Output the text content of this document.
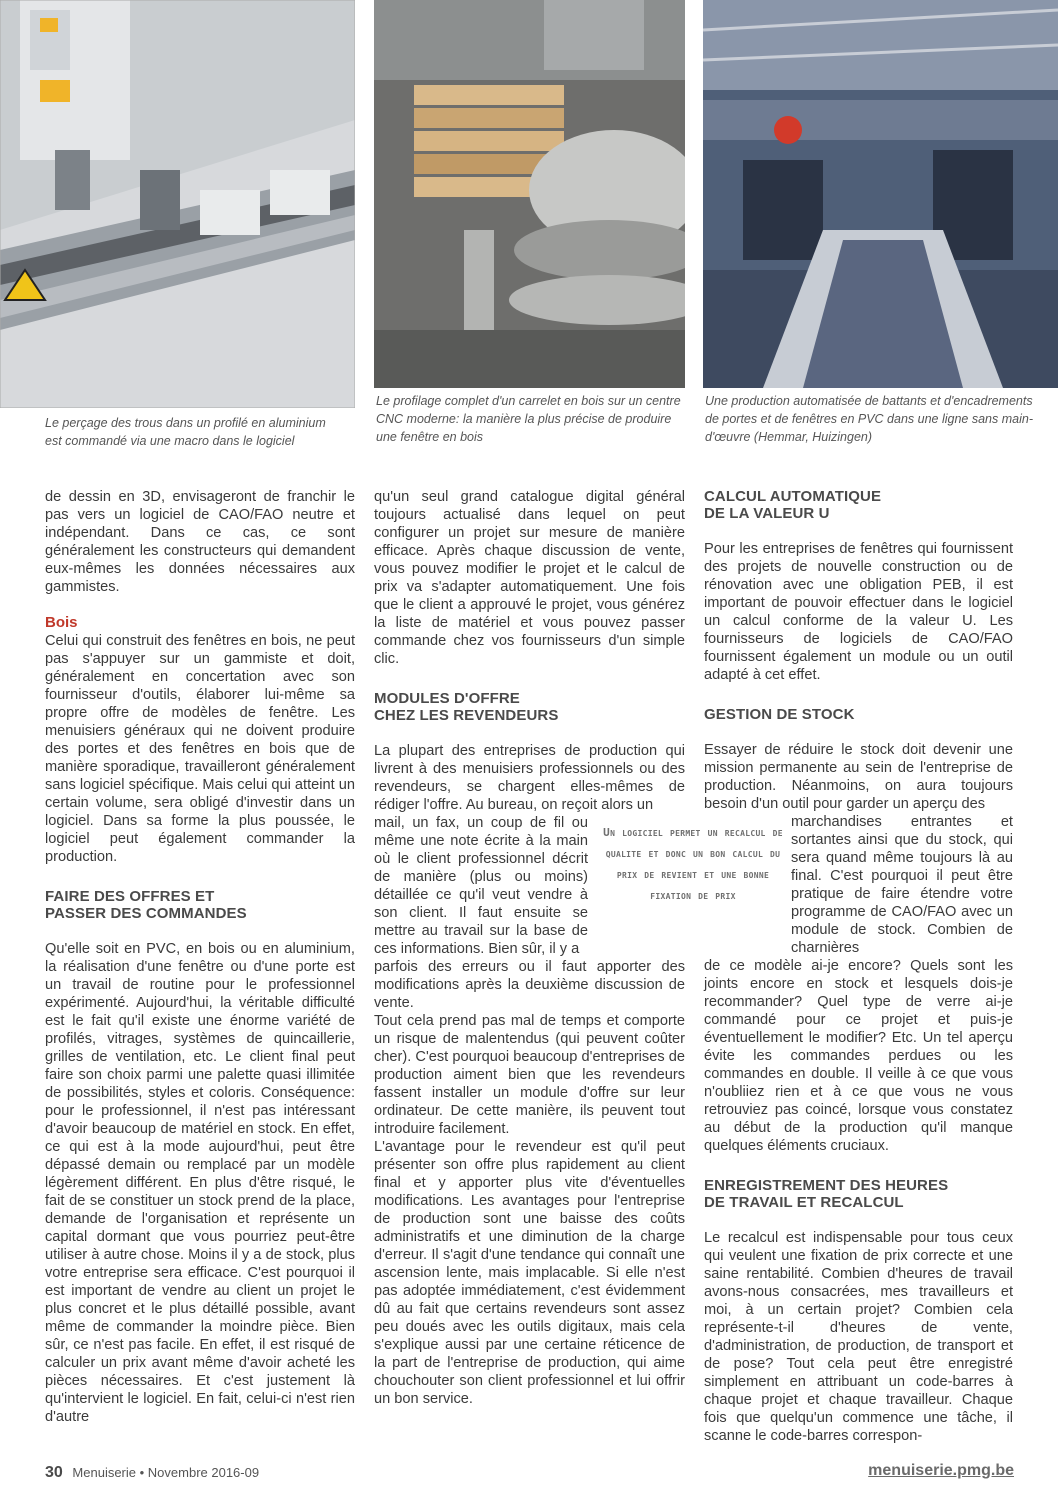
Le perçage des trous dans un profilé en aluminium est commandé via une macro dans le logiciel
Le profilage complet d'un carrelet en bois sur un centre CNC moderne: la manière la plus précise de produire une fenêtre en bois
Une production automatisée de battants et d'encadrements de portes et de fenêtres en PVC dans une ligne sans main-d'œuvre (Hemmar, Huizingen)

de dessin en 3D, envisageront de franchir le pas vers un logiciel de CAO/FAO neutre et indépendant. Dans ce cas, ce sont généralement les constructeurs qui demandent eux-mêmes les données nécessaires aux gammistes.

Bois

Celui qui construit des fenêtres en bois, ne peut pas s'appuyer sur un gammiste et doit, généralement en concertation avec son fournisseur d'outils, élaborer lui-même sa propre offre de modèles de fenêtre. Les menuisiers généraux qui ne doivent produire des portes et des fenêtres en bois que de manière sporadique, travailleront généralement sans logiciel spécifique. Mais celui qui atteint un certain volume, sera obligé d'investir dans un logiciel. Dans sa forme la plus poussée, le logiciel peut également commander la production.

FAIRE DES OFFRES ET
PASSER DES COMMANDES

Qu'elle soit en PVC, en bois ou en aluminium, la réalisation d'une fenêtre ou d'une porte est un travail de routine pour le professionnel expérimenté. Aujourd'hui, la véritable difficulté est le fait qu'il existe une énorme variété de profilés, vitrages, systèmes de quincaillerie, grilles de ventilation, etc. Le client final peut faire son choix parmi une palette quasi illimitée de possibilités, styles et coloris. Conséquence: pour le professionnel, il n'est pas intéressant d'avoir beaucoup de matériel en stock. En effet, ce qui est à la mode aujourd'hui, peut être dépassé demain ou remplacé par un modèle légèrement différent. En plus d'être risqué, le fait de se constituer un stock prend de la place, demande de l'organisation et représente un capital dormant que vous pourriez peut-être utiliser à autre chose. Moins il y a de stock, plus votre entreprise sera efficace. C'est pourquoi il est important de vendre au client un projet le plus concret et le plus détaillé possible, avant même de commander la moindre pièce. Bien sûr, ce n'est pas facile. En effet, il est risqué de calculer un prix avant même d'avoir acheté les pièces nécessaires. Et c'est justement là qu'intervient le logiciel. En fait, celui-ci n'est rien d'autre

qu'un seul grand catalogue digital général toujours actualisé dans lequel on peut configurer un projet sur mesure de manière efficace. Après chaque discussion de vente, vous pouvez modifier le projet et le calcul de prix va s'adapter automatiquement. Une fois que le client a approuvé le projet, vous générez la liste de matériel et vous pouvez passer commande chez vos fournisseurs d'un simple clic.

MODULES D'OFFRE
CHEZ LES REVENDEURS

La plupart des entreprises de production qui livrent à des menuisiers professionnels ou des revendeurs, se chargent elles-mêmes de rédiger l'offre. Au bureau, on reçoit alors un

mail, un fax, un coup de fil ou même une note écrite à la main où le client professionnel décrit de manière (plus ou moins) détaillée ce qu'il veut vendre à son client. Il faut ensuite se mettre au travail sur la base de ces informations. Bien sûr, il y a

parfois des erreurs ou il faut apporter des modifications après la deuxième discussion de vente.

Tout cela prend pas mal de temps et comporte un risque de malentendus (qui peuvent coûter cher). C'est pourquoi beaucoup d'entreprises de production aiment bien que les revendeurs fassent installer un module d'offre sur leur ordinateur. De cette manière, ils peuvent tout introduire facilement.

L'avantage pour le revendeur est qu'il peut présenter son offre plus rapidement au client final et y apporter plus vite d'éventuelles modifications. Les avantages pour l'entreprise de production sont une baisse des coûts administratifs et une diminution de la charge d'erreur. Il s'agit d'une tendance qui connaît une ascension lente, mais implacable. Si elle n'est pas adoptée immédiatement, c'est évidemment dû au fait que certains revendeurs sont assez peu doués avec les outils digitaux, mais cela s'explique aussi par une certaine réticence de la part de l'entreprise de production, qui aime chouchouter son client professionnel et lui offrir un bon service.

Un logiciel permet un recalcul de qualite et donc un bon calcul du prix de revient et une bonne fixation de prix
CALCUL AUTOMATIQUE
DE LA VALEUR U

Pour les entreprises de fenêtres qui fournissent des projets de nouvelle construction ou de rénovation avec une obligation PEB, il est important de pouvoir effectuer dans le logiciel un calcul conforme de la valeur U. Les fournisseurs de logiciels de CAO/FAO fournissent également un module ou un outil adapté à cet effet.

GESTION DE STOCK

Essayer de réduire le stock doit devenir une mission permanente au sein de l'entreprise de production. Néanmoins, on aura toujours besoin d'un outil pour garder un aperçu des

marchandises entrantes et sortantes ainsi que du stock, qui sera quand même toujours là au final. C'est pourquoi il peut être pratique de faire étendre votre programme de CAO/FAO avec un module de stock. Combien de charnières

de ce modèle ai-je encore? Quels sont les joints encore en stock et lesquels dois-je recommander? Quel type de verre ai-je commandé pour ce projet et puis-je éventuellement le modifier? Etc. Un tel aperçu évite les commandes perdues ou les commandes en double. Il veille à ce que vous n'oubliiez rien et à ce que vous ne vous retrouviez pas coincé, lorsque vous constatez au début de la production qu'il manque quelques éléments cruciaux.

ENREGISTREMENT DES HEURES
DE TRAVAIL ET RECALCUL

Le recalcul est indispensable pour tous ceux qui veulent une fixation de prix correcte et une saine rentabilité. Combien d'heures de travail avons-nous consacrées, mes travailleurs et moi, à un certain projet? Combien cela représente-t-il d'heures de vente, d'administration, de production, de transport et de pose? Tout cela peut être enregistré simplement en attribuant un code-barres à chaque projet et chaque travailleur. Chaque fois que quelqu'un commence une tâche, il scanne le code-barres correspon-

30 Menuiserie • Novembre 2016-09	menuiserie.pmg.be
